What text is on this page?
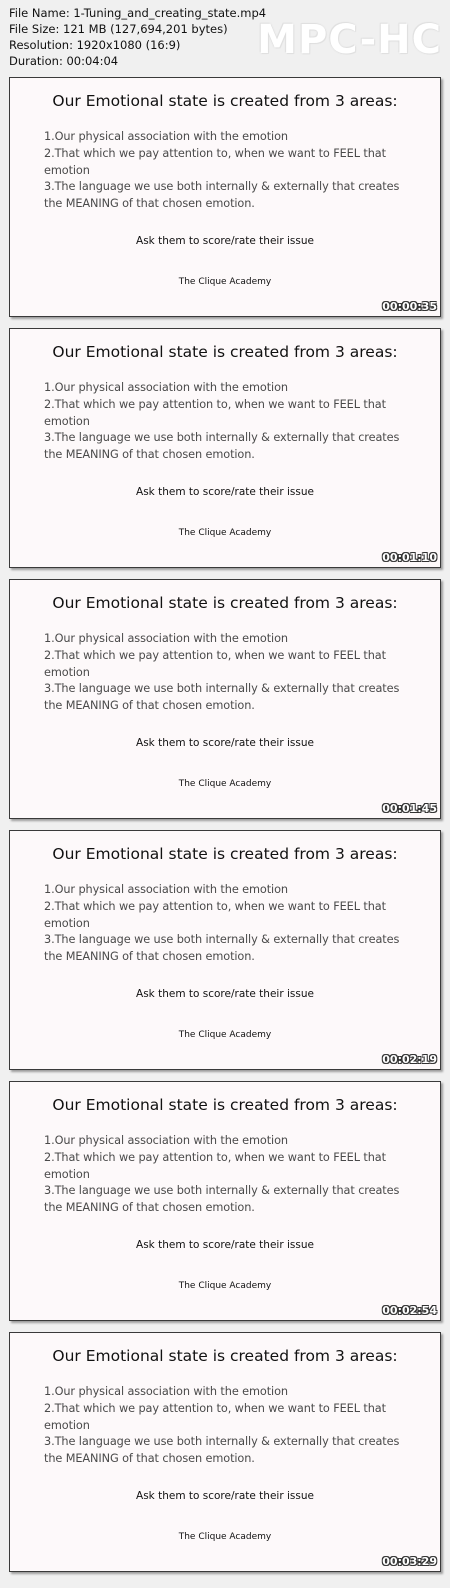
File Name: 1-Tuning_and_creating_state.mp4
File Size: 121 MB (127,694,201 bytes)
Resolution: 1920x1080 (16:9)
Duration: 00:04:04	MPC-HC
Our Emotional state is created from 3 areas:
1.Our physical association with the emotion
2.That which we pay attention to, when we want to FEEL that emotion
3.The language we use both internally & externally that creates the MEANING of that chosen emotion.
Ask them to score/rate their issue
The Clique Academy
00:00:35
Our Emotional state is created from 3 areas:
1.Our physical association with the emotion
2.That which we pay attention to, when we want to FEEL that emotion
3.The language we use both internally & externally that creates the MEANING of that chosen emotion.
Ask them to score/rate their issue
The Clique Academy
00:01:10
Our Emotional state is created from 3 areas:
1.Our physical association with the emotion
2.That which we pay attention to, when we want to FEEL that emotion
3.The language we use both internally & externally that creates the MEANING of that chosen emotion.
Ask them to score/rate their issue
The Clique Academy
00:01:45
Our Emotional state is created from 3 areas:
1.Our physical association with the emotion
2.That which we pay attention to, when we want to FEEL that emotion
3.The language we use both internally & externally that creates the MEANING of that chosen emotion.
Ask them to score/rate their issue
The Clique Academy
00:02:19
Our Emotional state is created from 3 areas:
1.Our physical association with the emotion
2.That which we pay attention to, when we want to FEEL that emotion
3.The language we use both internally & externally that creates the MEANING of that chosen emotion.
Ask them to score/rate their issue
The Clique Academy
00:02:54
Our Emotional state is created from 3 areas:
1.Our physical association with the emotion
2.That which we pay attention to, when we want to FEEL that emotion
3.The language we use both internally & externally that creates the MEANING of that chosen emotion.
Ask them to score/rate their issue
The Clique Academy
00:03:29
